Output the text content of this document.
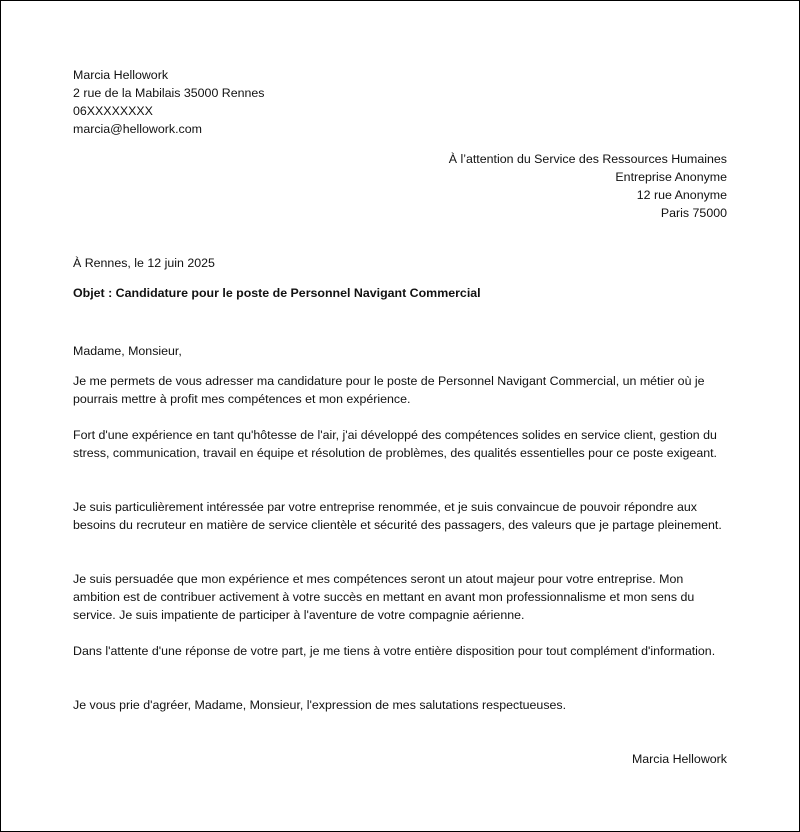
Marcia Hellowork
2 rue de la Mabilais 35000 Rennes
06XXXXXXXX
marcia@hellowork.com
À l’attention du Service des Ressources Humaines
Entreprise Anonyme
12 rue Anonyme
Paris 75000
À Rennes, le 12 juin 2025
Objet : Candidature pour le poste de Personnel Navigant Commercial
Madame, Monsieur,
Je me permets de vous adresser ma candidature pour le poste de Personnel Navigant Commercial, un métier où je pourrais mettre à profit mes compétences et mon expérience.
Fort d'une expérience en tant qu'hôtesse de l'air, j'ai développé des compétences solides en service client, gestion du stress, communication, travail en équipe et résolution de problèmes, des qualités essentielles pour ce poste exigeant.
Je suis particulièrement intéressée par votre entreprise renommée, et je suis convaincue de pouvoir répondre aux besoins du recruteur en matière de service clientèle et sécurité des passagers, des valeurs que je partage pleinement.
Je suis persuadée que mon expérience et mes compétences seront un atout majeur pour votre entreprise. Mon ambition est de contribuer activement à votre succès en mettant en avant mon professionnalisme et mon sens du service. Je suis impatiente de participer à l'aventure de votre compagnie aérienne.
Dans l'attente d'une réponse de votre part, je me tiens à votre entière disposition pour tout complément d'information.
Je vous prie d'agréer, Madame, Monsieur, l'expression de mes salutations respectueuses.
Marcia Hellowork
